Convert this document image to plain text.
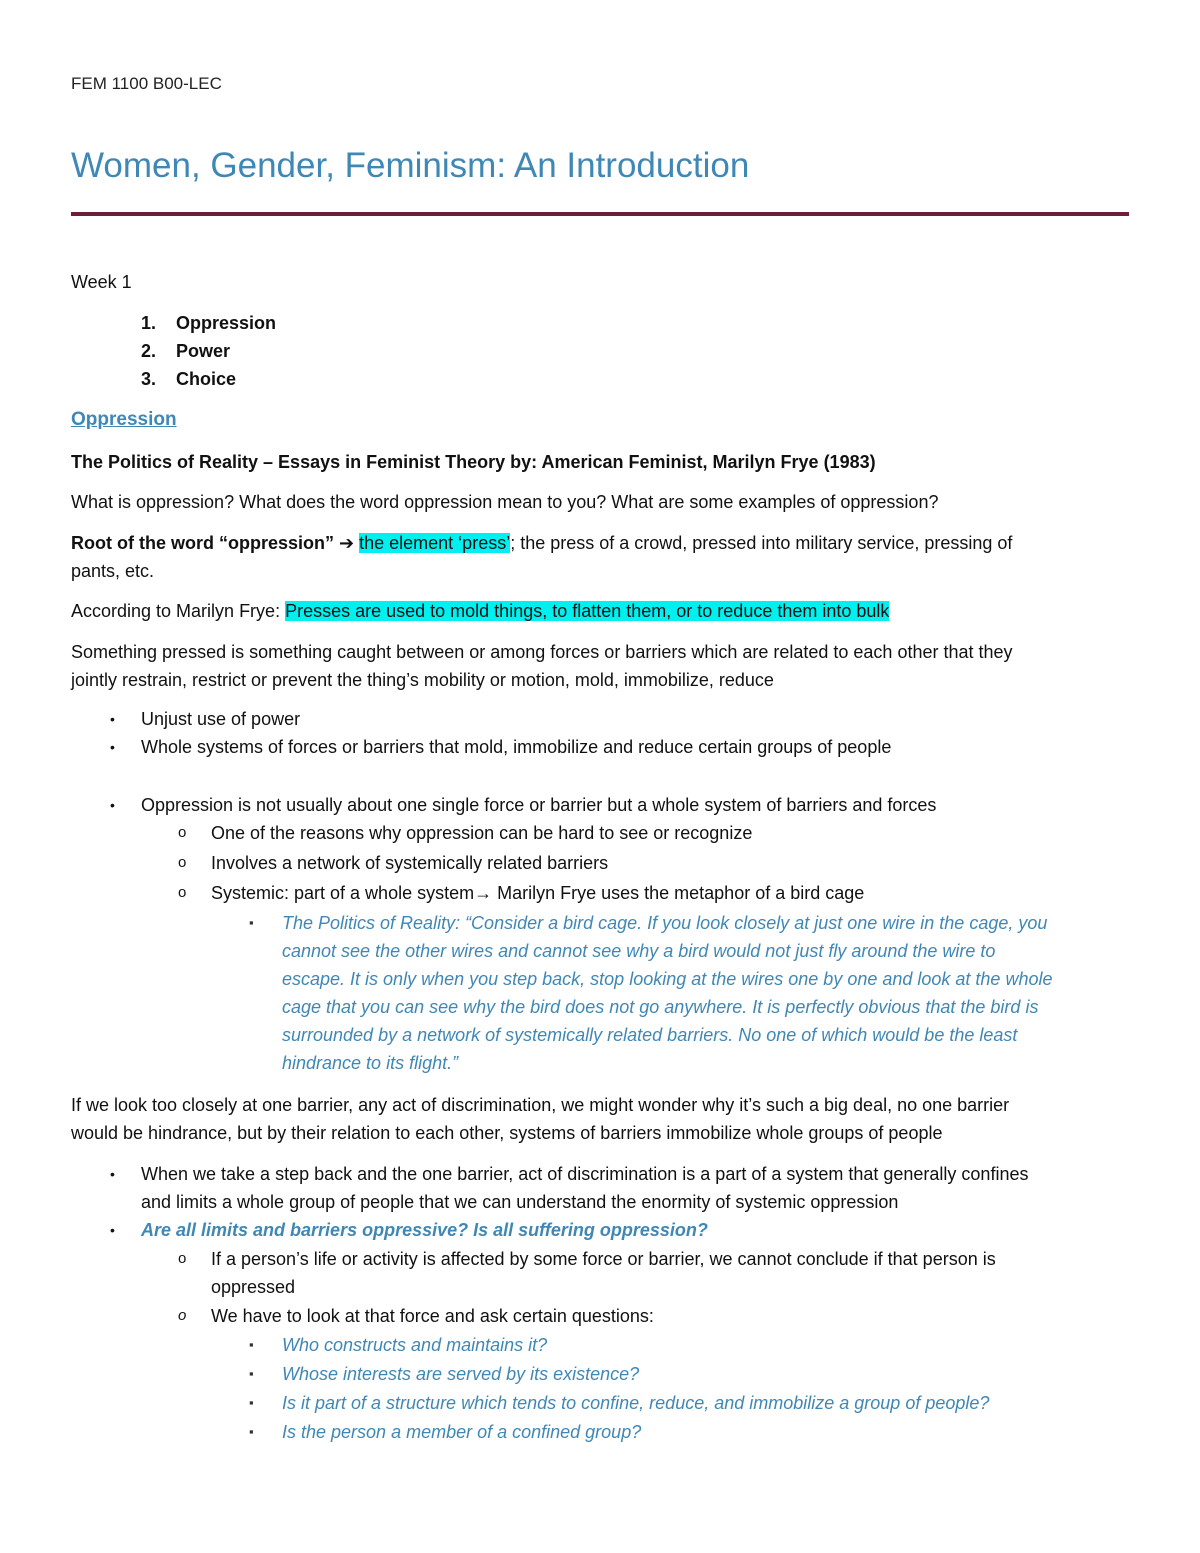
FEM 1100 B00-LEC
Women, Gender, Feminism: An Introduction
Week 1
1. Oppression
2. Power
3. Choice
Oppression
The Politics of Reality – Essays in Feminist Theory by: American Feminist, Marilyn Frye (1983)
What is oppression? What does the word oppression mean to you? What are some examples of oppression?
Root of the word “oppression” ➔ the element ‘press’; the press of a crowd, pressed into military service, pressing of
pants, etc.
According to Marilyn Frye: Presses are used to mold things, to flatten them, or to reduce them into bulk
Something pressed is something caught between or among forces or barriers which are related to each other that they
jointly restrain, restrict or prevent the thing’s mobility or motion, mold, immobilize, reduce
• Unjust use of power
• Whole systems of forces or barriers that mold, immobilize and reduce certain groups of people
• Oppression is not usually about one single force or barrier but a whole system of barriers and forces
o One of the reasons why oppression can be hard to see or recognize
o Involves a network of systemically related barriers
o Systemic: part of a whole system→ Marilyn Frye uses the metaphor of a bird cage
▪ The Politics of Reality: “Consider a bird cage. If you look closely at just one wire in the cage, you
cannot see the other wires and cannot see why a bird would not just fly around the wire to
escape. It is only when you step back, stop looking at the wires one by one and look at the whole
cage that you can see why the bird does not go anywhere. It is perfectly obvious that the bird is
surrounded by a network of systemically related barriers. No one of which would be the least
hindrance to its flight.”
If we look too closely at one barrier, any act of discrimination, we might wonder why it’s such a big deal, no one barrier
would be hindrance, but by their relation to each other, systems of barriers immobilize whole groups of people
• When we take a step back and the one barrier, act of discrimination is a part of a system that generally confines
and limits a whole group of people that we can understand the enormity of systemic oppression
• Are all limits and barriers oppressive? Is all suffering oppression?
o If a person’s life or activity is affected by some force or barrier, we cannot conclude if that person is
oppressed
o We have to look at that force and ask certain questions:
▪ Who constructs and maintains it?
▪ Whose interests are served by its existence?
▪ Is it part of a structure which tends to confine, reduce, and immobilize a group of people?
▪ Is the person a member of a confined group?
